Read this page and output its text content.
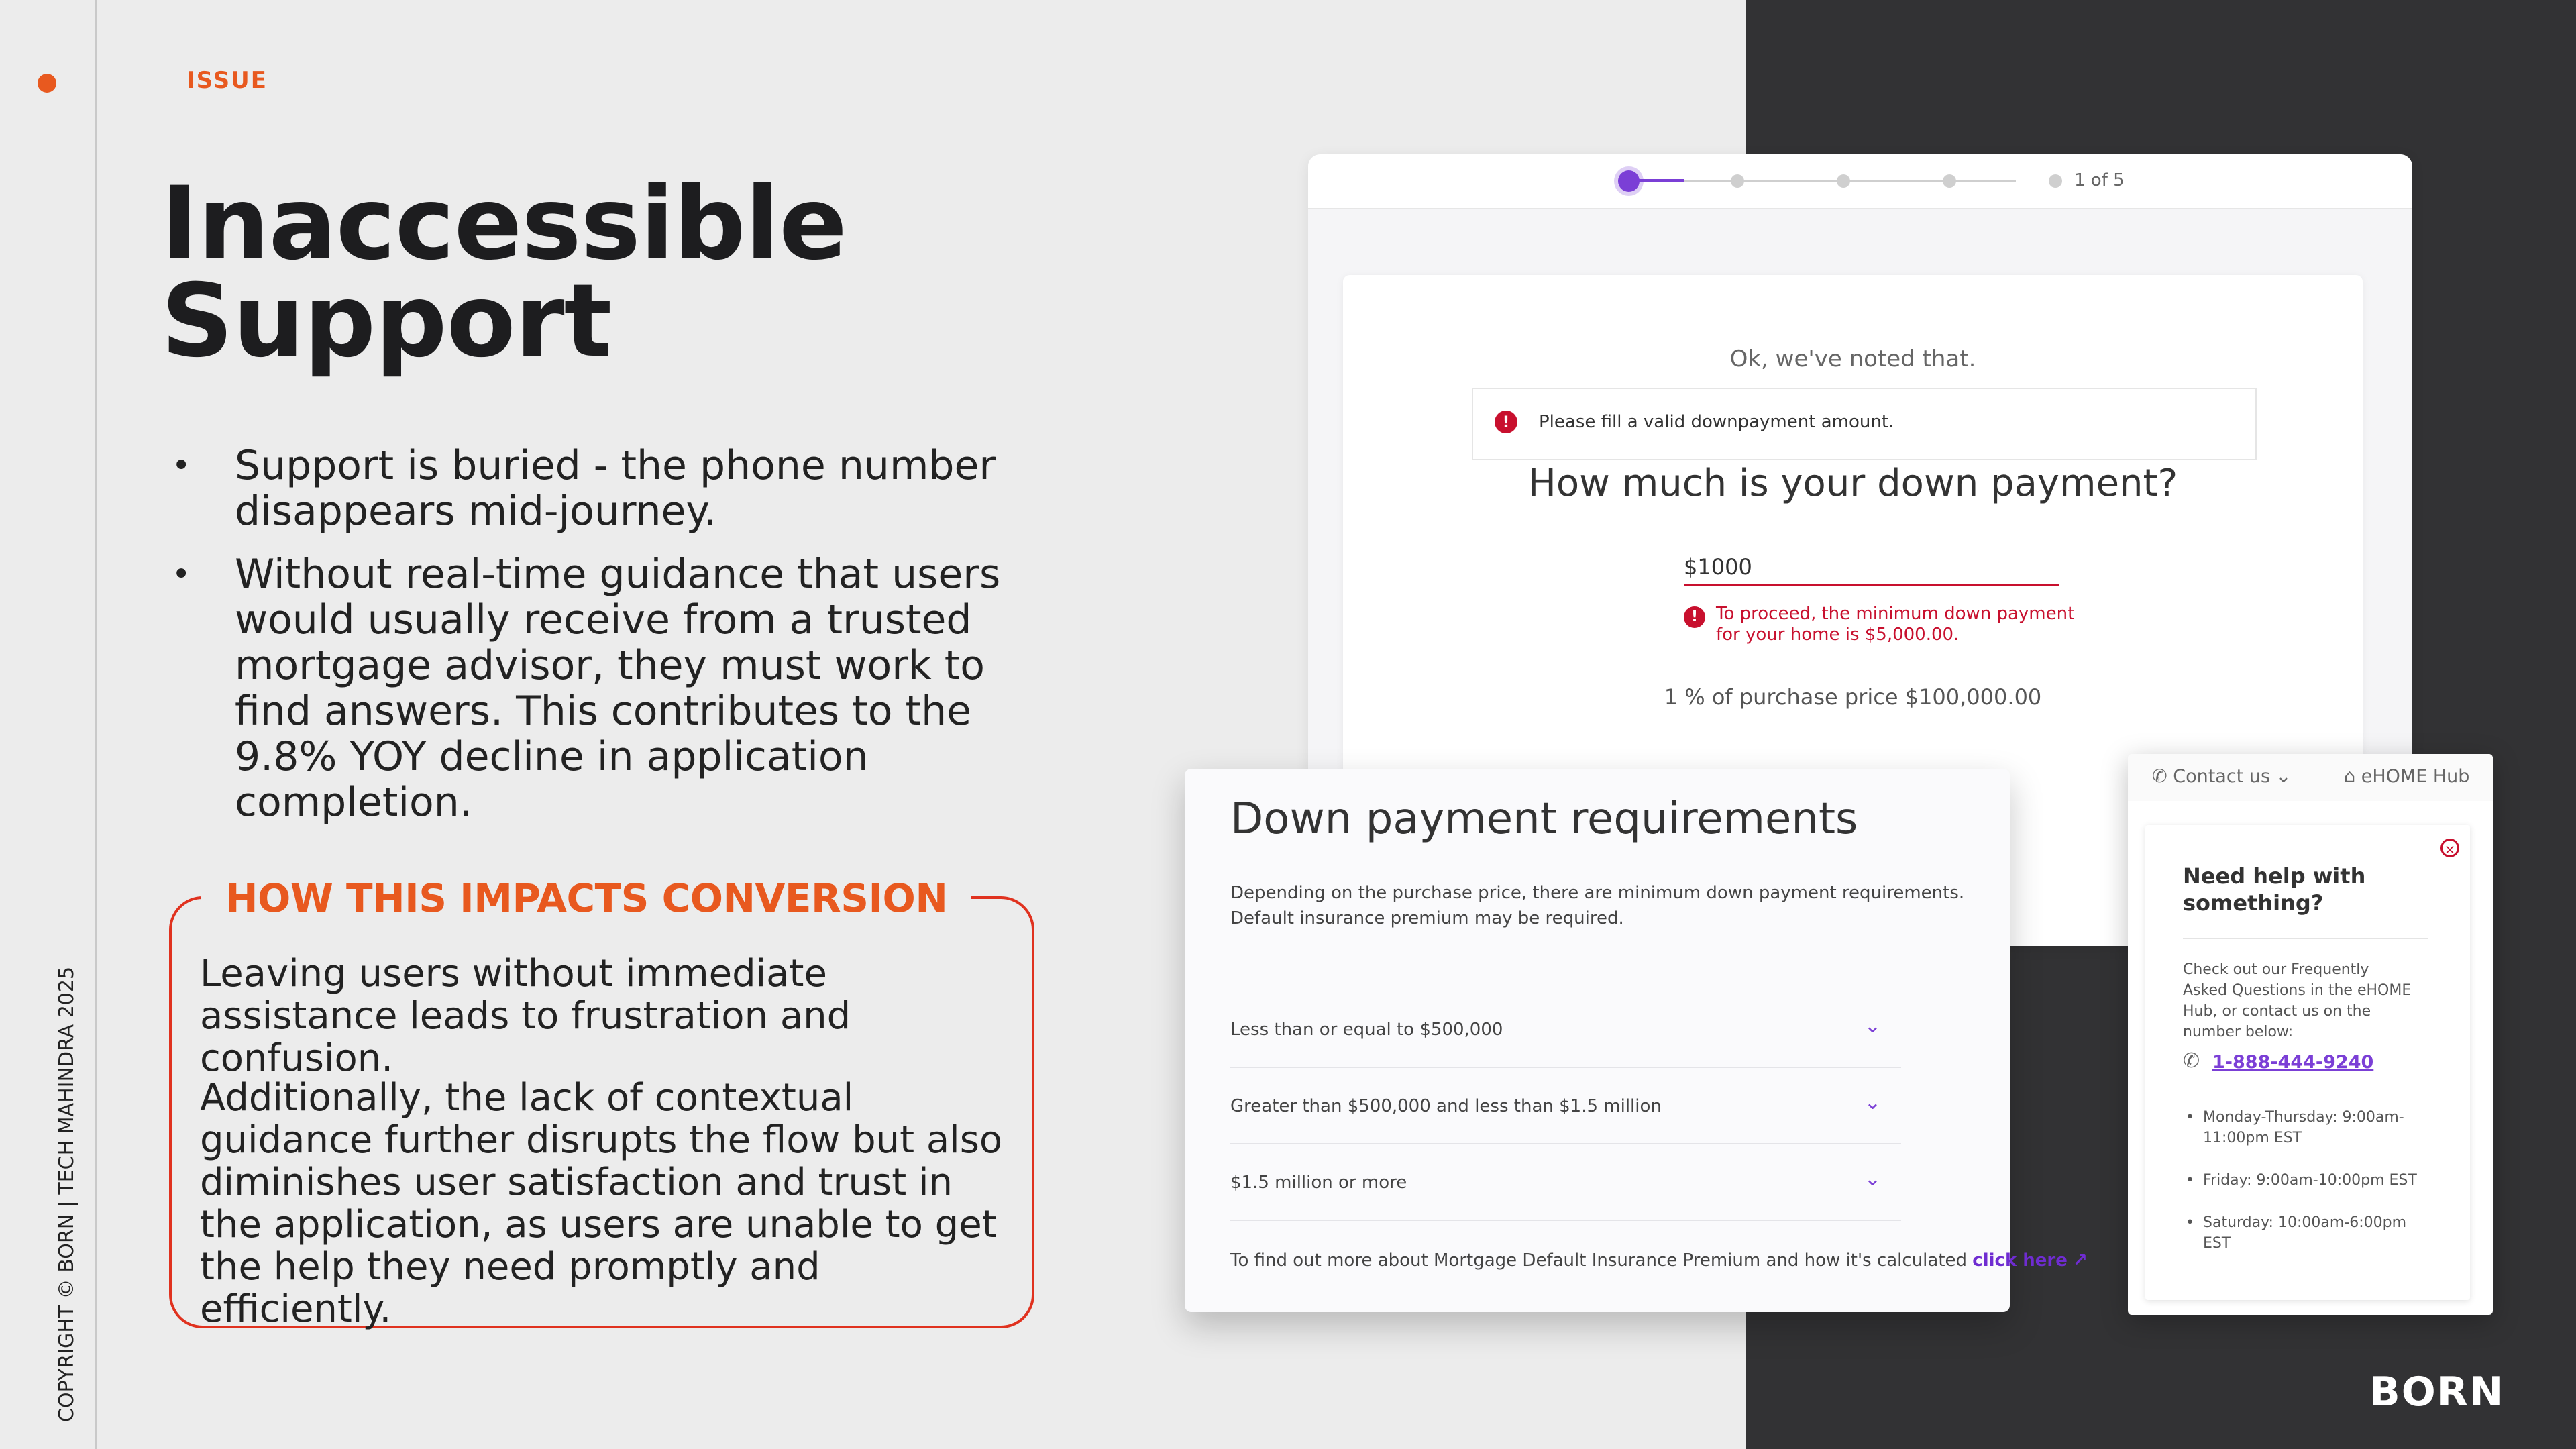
ISSUE
COPYRIGHT © BORN | TECH MAHINDRA 2025
Inaccessible
Support
• Support is buried - the phone number disappears mid-journey.
• Without real-time guidance that users would usually receive from a trusted mortgage advisor, they must work to find answers. This contributes to the 9.8% YOY decline in application completion.
HOW THIS IMPACTS CONVERSION
Leaving users without immediate assistance leads to frustration and confusion.
Additionally, the lack of contextual guidance further disrupts the flow but also diminishes user satisfaction and trust in the application, as users are unable to get the help they need promptly and efficiently.
1 of 5
Ok, we've noted that.
!	Please fill a valid downpayment amount.
How much is your down payment?
$1000
!	To proceed, the minimum down payment for your home is $5,000.00.
1 % of purchase price $100,000.00
Down payment requirements
Depending on the purchase price, there are minimum down payment requirements. Default insurance premium may be required.
Less than or equal to $500,000	⌄
Greater than $500,000 and less than $1.5 million	⌄
$1.5 million or more	⌄
To find out more about Mortgage Default Insurance Premium and how it's calculated click here ↗
✆ Contact us ⌄	⌂ eHOME Hub
×
Need help with something?
Check out our Frequently Asked Questions in the eHOME Hub, or contact us on the number below:
✆ 1-888-444-9240
• Monday-Thursday: 9:00am-11:00pm EST
• Friday: 9:00am-10:00pm EST
• Saturday: 10:00am-6:00pm EST
BORN
